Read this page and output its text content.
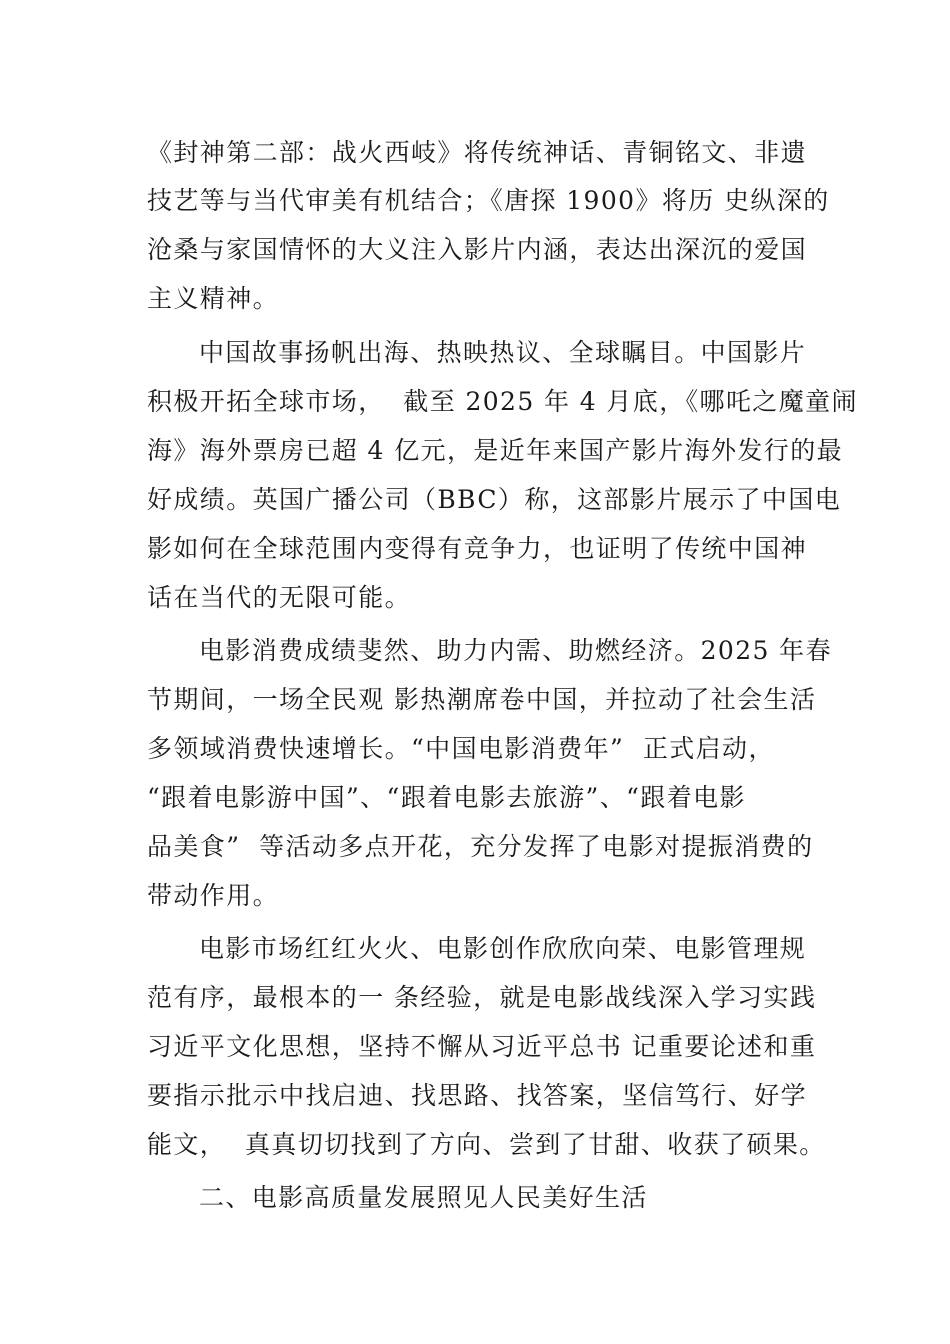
《封神第二部：战火西岐》将传统神话、青铜铭文、非遗

技艺等与当代审美有机结合；《唐探 1900》将历 史纵深的

沧桑与家国情怀的大义注入影片内涵，表达出深沉的爱国

主义精神。

中国故事扬帆出海、热映热议、全球瞩目。中国影片

积极开拓全球市场，  截至 2025 年 4 月底，《哪吒之魔童闹

海》海外票房已超 4 亿元，是近年来国产影片海外发行的最

好成绩。英国广播公司（BBC）称，这部影片展示了中国电

影如何在全球范围内变得有竞争力，也证明了传统中国神

话在当代的无限可能。

电影消费成绩斐然、助力内需、助燃经济。2025 年春

节期间，一场全民观 影热潮席卷中国，并拉动了社会生活

多领域消费快速增长。“中国电影消费年”  正式启动，

“跟着电影游中国”、“跟着电影去旅游”、“跟着电影

品美食”  等活动多点开花，充分发挥了电影对提振消费的

带动作用。

电影市场红红火火、电影创作欣欣向荣、电影管理规

范有序，最根本的一 条经验，就是电影战线深入学习实践

习近平文化思想，坚持不懈从习近平总书 记重要论述和重

要指示批示中找启迪、找思路、找答案，坚信笃行、好学

能文，  真真切切找到了方向、尝到了甘甜、收获了硕果。

二、电影高质量发展照见人民美好生活
